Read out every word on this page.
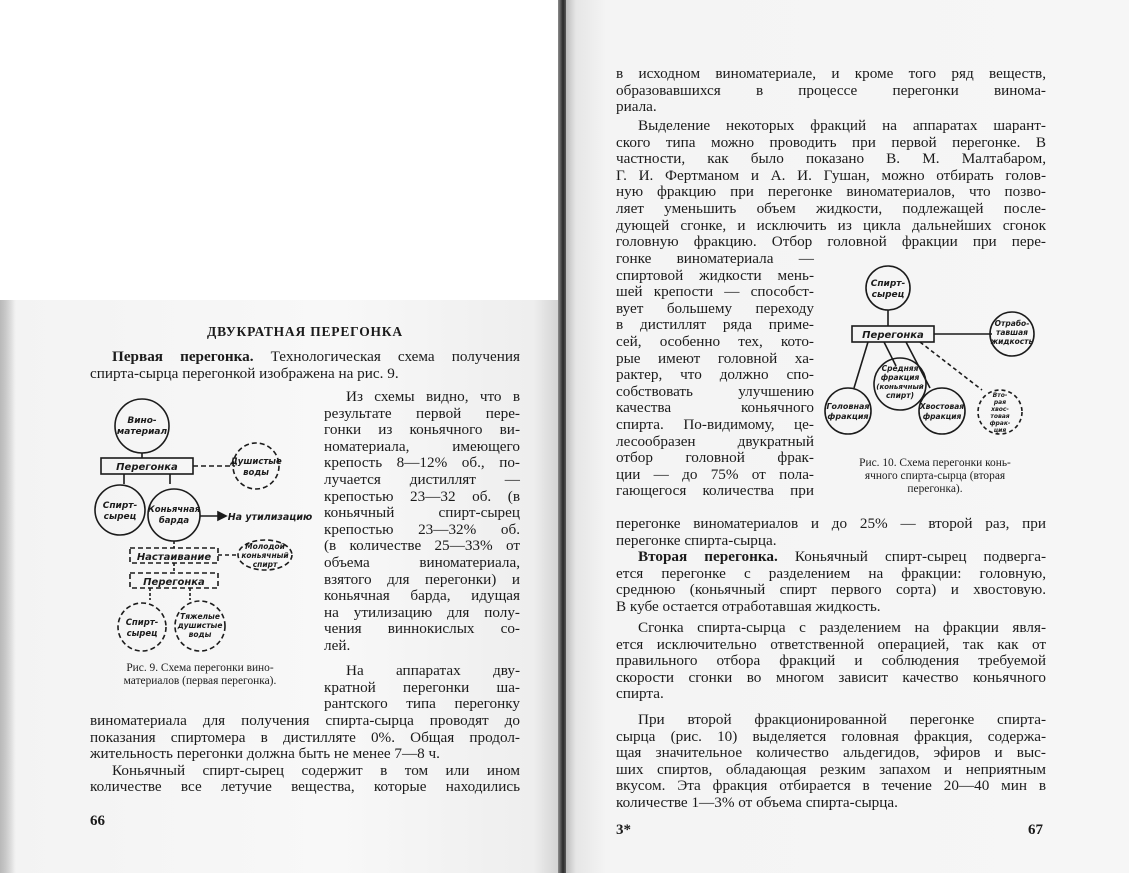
ДВУКРАТНАЯ ПЕРЕГОНКА
Первая перегонка. Технологическая схема получения
спирта-сырца перегонкой изображена на рис. 9.
Из схемы видно, что в
результате первой пере-
гонки из коньячного ви-
номатериала, имеющего
крепость 8—12% об., по-
лучается дистиллят —
крепостью 23—32 об. (в
коньячный спирт-сырец
крепостью 23—32% об.
(в количестве 25—33% от
объема виноматериала,
взятого для перегонки) и
коньячная барда, идущая
на утилизацию для полу-
чения виннокислых со-
лей.
На аппаратах дву-
кратной перегонки ша-
рантского типа перегонку
виноматериала для получения спирта-сырца проводят до
показания спиртомера в дистилляте 0%. Общая продол-
жительность перегонки должна быть не менее 7—8 ч.
Коньячный спирт-сырец содержит в том или ином
количестве все летучие вещества, которые находились
Вино-
материал
Перегонка	Душистые
воды
Спирт-
сырец
Коньячная
барда	На утилизацию
Настаивание
Молодой
коньячный
спирт
Перегонка
Спирт-
сырец
Тяжелые
душистые
воды
Рис. 9. Схема перегонки вино-
материалов (первая перегонка).
66
в исходном виноматериале, и кроме того ряд веществ,
образовавшихся в процессе перегонки винома-
риала.
Выделение некоторых фракций на аппаратах шарант-
ского типа можно проводить при первой перегонке. В
частности, как было показано В. М. Малтабаром,
Г. И. Фертманом и А. И. Гушан, можно отбирать голов-
ную фракцию при перегонке виноматериалов, что позво-
ляет уменьшить объем жидкости, подлежащей после-
дующей сгонке, и исключить из цикла дальнейших сгонок
головную фракцию. Отбор головной фракции при пере-
гонке виноматериала —
спиртовой жидкости мень-
шей крепости — способст-
вует большему переходу
в дистиллят ряда приме-
сей, особенно тех, кото-
рые имеют головной ха-
рактер, что должно спо-
собствовать улучшению
качества коньячного
спирта. По-видимому, це-
лесообразен двукратный
отбор головной фрак-
ции — до 75% от пола-
гающегося количества при
перегонке виноматериалов и до 25% — второй раз, при
перегонке спирта-сырца.
Вторая перегонка. Коньячный спирт-сырец подверга-
ется перегонке с разделением на фракции: головную,
среднюю (коньячный спирт первого сорта) и хвостовую.
В кубе остается отработавшая жидкость.
Сгонка спирта-сырца с разделением на фракции явля-
ется исключительно ответственной операцией, так как от
правильного отбора фракций и соблюдения требуемой
скорости сгонки во многом зависит качество коньячного
спирта.
При второй фракционированной перегонке спирта-
сырца (рис. 10) выделяется головная фракция, содержа-
щая значительное количество альдегидов, эфиров и выс-
ших спиртов, обладающая резким запахом и неприятным
вкусом. Эта фракция отбирается в течение 20—40 мин в
количестве 1—3% от объема спирта-сырца.
Спирт-
сырец
Перегонка
Отрабо-
тавшая
жидкость
Головная
фракция
Средняя
фракция
(коньячный
спирт)
Хвостовая
фракция
Вто-
рая
хвос-
товая
фрак-
ция
Рис. 10. Схема перегонки конь-
ячного спирта-сырца (вторая
перегонка).
3*	67
